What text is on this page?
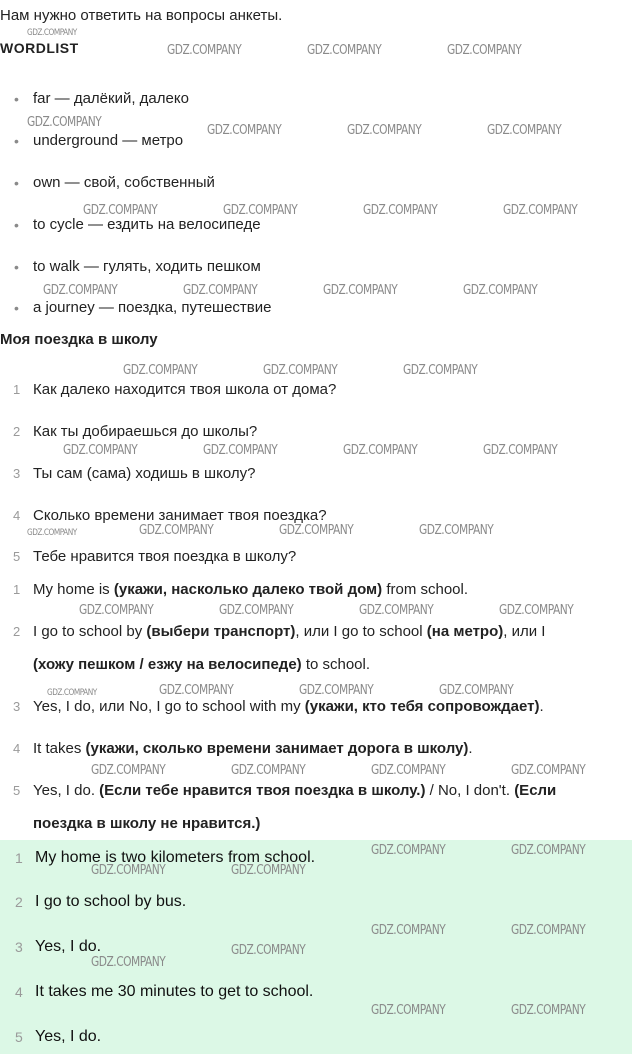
Нам нужно ответить на вопросы анкеты.
WORDLIST
• far — далёкий, далеко
• underground — метро
• own — свой, собственный
• to cycle — ездить на велосипеде
• to walk — гулять, ходить пешком
• a journey — поездка, путешествие
Моя поездка в школу
1 Как далеко находится твоя школа от дома?
2 Как ты добираешься до школы?
3 Ты сам (сама) ходишь в школу?
4 Сколько времени занимает твоя поездка?
5 Тебе нравится твоя поездка в школу?
1 My home is (укажи, насколько далеко твой дом) from school.
2 I go to school by (выбери транспорт), или I go to school (на метро), или I
(хожу пешком / езжу на велосипеде) to school.
3 Yes, I do, или No, I go to school with my (укажи, кто тебя сопровождает).
4 It takes (укажи, сколько времени занимает дорога в школу).
5 Yes, I do. (Если тебе нравится твоя поездка в школу.) / No, I don't. (Если
поездка в школу не нравится.)
1 My home is two kilometers from school.
2 I go to school by bus.
3 Yes, I do.
4 It takes me 30 minutes to get to school.
5 Yes, I do.
GDZ.COMPANY
GDZ.COMPANY	GDZ.COMPANY	GDZ.COMPANY
GDZ.COMPANY
GDZ.COMPANY	GDZ.COMPANY	GDZ.COMPANY
GDZ.COMPANY	GDZ.COMPANY	GDZ.COMPANY	GDZ.COMPANY
GDZ.COMPANY	GDZ.COMPANY	GDZ.COMPANY	GDZ.COMPANY
GDZ.COMPANY	GDZ.COMPANY	GDZ.COMPANY
GDZ.COMPANY	GDZ.COMPANY	GDZ.COMPANY	GDZ.COMPANY
GDZ.COMPANY	GDZ.COMPANY	GDZ.COMPANY	GDZ.COMPANY
GDZ.COMPANY	GDZ.COMPANY	GDZ.COMPANY	GDZ.COMPANY
GDZ.COMPANY	GDZ.COMPANY	GDZ.COMPANY	GDZ.COMPANY
GDZ.COMPANY	GDZ.COMPANY	GDZ.COMPANY	GDZ.COMPANY
GDZ.COMPANY	GDZ.COMPANY
GDZ.COMPANY	GDZ.COMPANY
GDZ.COMPANY	GDZ.COMPANY
GDZ.COMPANY
GDZ.COMPANY
GDZ.COMPANY	GDZ.COMPANY
